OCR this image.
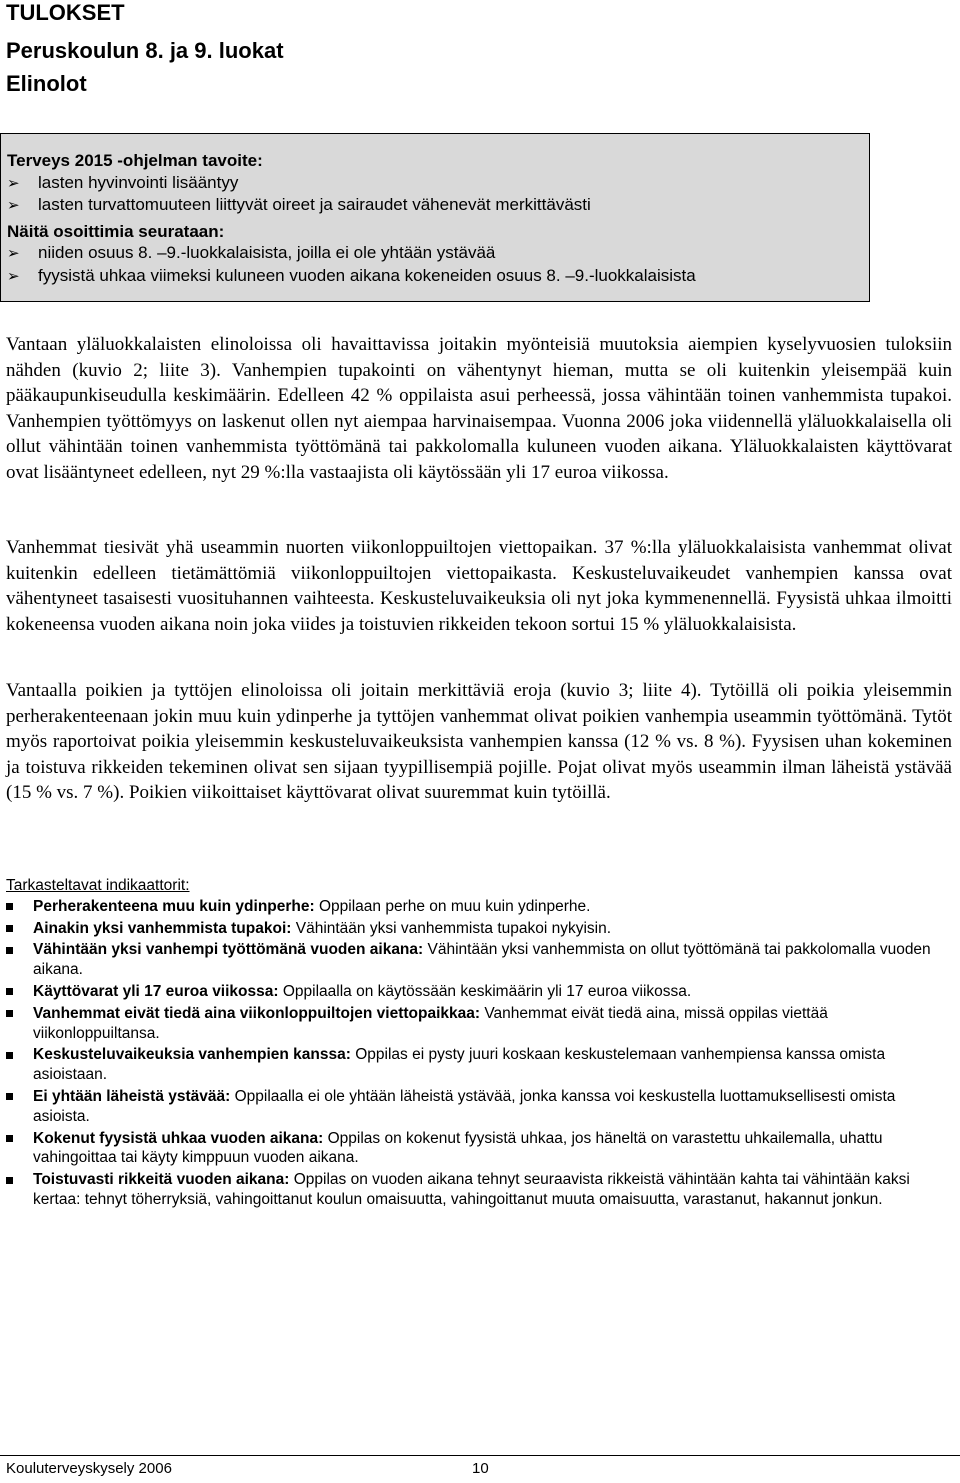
TULOKSET
Peruskoulun 8. ja 9. luokat
Elinolot
Terveys 2015 -ohjelman tavoite:
➢	lasten hyvinvointi lisääntyy
➢	lasten turvattomuuteen liittyvät oireet ja sairaudet vähenevät merkittävästi
Näitä osoittimia seurataan:
➢	niiden osuus 8. –9.-luokkalaisista, joilla ei ole yhtään ystävää
➢	fyysistä uhkaa viimeksi kuluneen vuoden aikana kokeneiden osuus 8. –9.-luokkalaisista

Vantaan yläluokkalaisten elinoloissa oli havaittavissa joitakin myönteisiä muutoksia aiempien kyselyvuosien tuloksiin nähden (kuvio 2; liite 3). Vanhempien tupakointi on vähentynyt hieman, mutta se oli kuitenkin yleisempää kuin pääkaupunkiseudulla keskimäärin. Edelleen 42 % oppilaista asui perheessä, jossa vähintään toinen vanhemmista tupakoi. Vanhempien työttömyys on laskenut ollen nyt aiempaa harvinaisempaa. Vuonna 2006 joka viidennellä yläluokkalaisella oli ollut vähintään toinen vanhemmista työttömänä tai pakkolomalla kuluneen vuoden aikana. Yläluokkalaisten käyttövarat ovat lisääntyneet edelleen, nyt 29 %:lla vastaajista oli käytössään yli 17 euroa viikossa.

Vanhemmat tiesivät yhä useammin nuorten viikonloppuiltojen viettopaikan. 37 %:lla yläluokkalaisista vanhemmat olivat kuitenkin edelleen tietämättömiä viikonloppuiltojen viettopaikasta. Keskusteluvaikeudet vanhempien kanssa ovat vähentyneet tasaisesti vuosituhannen vaihteesta. Keskusteluvaikeuksia oli nyt joka kymmenennellä. Fyysistä uhkaa ilmoitti kokeneensa vuoden aikana noin joka viides ja toistuvien rikkeiden tekoon sortui 15 % yläluokkalaisista.

Vantaalla poikien ja tyttöjen elinoloissa oli joitain merkittäviä eroja (kuvio 3; liite 4). Tytöillä oli poikia yleisemmin perherakenteenaan jokin muu kuin ydinperhe ja tyttöjen vanhemmat olivat poikien vanhempia useammin työttömänä. Tytöt myös raportoivat poikia yleisemmin keskusteluvaikeuksista vanhempien kanssa (12 % vs. 8 %). Fyysisen uhan kokeminen ja toistuva rikkeiden tekeminen olivat sen sijaan tyypillisempiä pojille. Pojat olivat myös useammin ilman läheistä ystävää (15 % vs. 7 %). Poikien viikoittaiset käyttövarat olivat suuremmat kuin tytöillä.

Tarkasteltavat indikaattorit:
Perherakenteena muu kuin ydinperhe: Oppilaan perhe on muu kuin ydinperhe.
Ainakin yksi vanhemmista tupakoi: Vähintään yksi vanhemmista tupakoi nykyisin.
Vähintään yksi vanhempi työttömänä vuoden aikana: Vähintään yksi vanhemmista on ollut työttömänä tai pakkolomalla vuoden aikana.
Käyttövarat yli 17 euroa viikossa: Oppilaalla on käytössään keskimäärin yli 17 euroa viikossa.
Vanhemmat eivät tiedä aina viikonloppuiltojen viettopaikkaa: Vanhemmat eivät tiedä aina, missä oppilas viettää viikonloppuiltansa.
Keskusteluvaikeuksia vanhempien kanssa: Oppilas ei pysty juuri koskaan keskustelemaan vanhempiensa kanssa omista asioistaan.
Ei yhtään läheistä ystävää: Oppilaalla ei ole yhtään läheistä ystävää, jonka kanssa voi keskustella luottamuksellisesti omista asioista.
Kokenut fyysistä uhkaa vuoden aikana: Oppilas on kokenut fyysistä uhkaa, jos häneltä on varastettu uhkailemalla, uhattu vahingoittaa tai käyty kimppuun vuoden aikana.
Toistuvasti rikkeitä vuoden aikana: Oppilas on vuoden aikana tehnyt seuraavista rikkeistä vähintään kahta tai vähintään kaksi kertaa: tehnyt töherryksiä, vahingoittanut koulun omaisuutta, vahingoittanut muuta omaisuutta, varastanut, hakannut jonkun.
Kouluterveyskysely 2006	10
